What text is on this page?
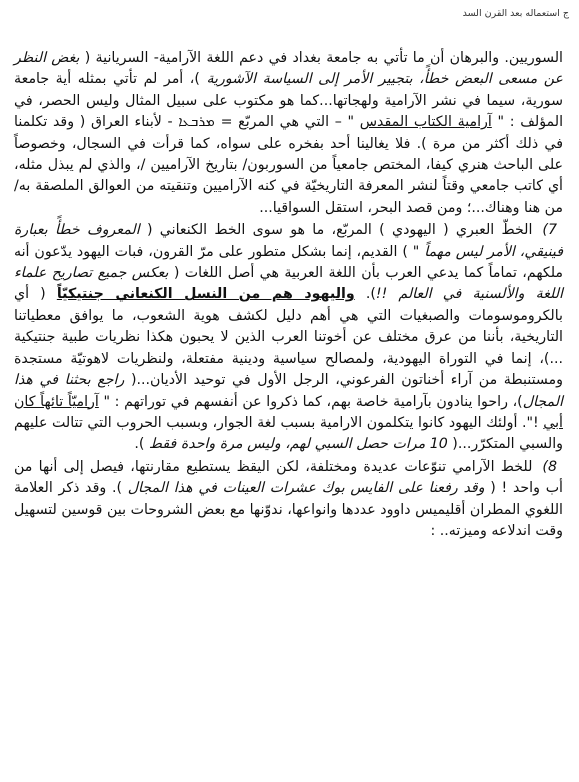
ج استعماله بعد القرن السد

السوريين. والبرهان أن ما تأتي به جامعة بغداد في دعم اللغة الآرامية- السريانية ( بغض النظر عن مسعى البعض خطأً، بتجيير الأمر إلى السياسة الآشورية )، أمر لم تأتي بمثله أية جامعة سورية، سيما في نشر الآرامية ولهجاتها...كما هو مكتوب على سبيل المثال وليس الحصر، في المؤلف : " آرامية الكتاب المقدس " – التي هي المربّع = ܡܪܒܥܐ - لأبناء العراق ( وقد تكلمنا في ذلك أكثر من مرة ). فلا يغالينا أحد بفخره على سواه، كما قرأت في السجال، وخصوصاً على الباحث هنري كيفا، المختص جامعياً من السوربون/ بتاريخ الآراميين /، والذي لم يبذل مثله، أي كاتب جامعي وقتاً لنشر المعرفة التاريخيّة في كنه الآراميين وتنقيته من العوالق الملصقة به/ من هنا وهناك...؛ ومن قصد البحر، استقل السواقيا...

7)الخطّ العبري ( اليهودي ) المربّع، ما هو سوى الخط الكنعاني ( المعروف خطأً بعبارة فينيقي، الأمر ليس مهماً " ) القديم، إنما بشكل متطور على مرّ القرون، فبات اليهود يدّعون أنه ملكهم، تماماً كما يدعي العرب بأن اللغة العربية هي أصل اللغات ( بعكس جميع تصاريح علماء اللغة والألسنية في العالم !!). واليهود هم من النسل الكنعاني جنتيكيّاً ( أي بالكروموسومات والصبغيات التي هي أهم دليل لكشف هوية الشعوب، ما يوافق معطياتنا التاريخية، بأننا من عرق مختلف عن أخوتنا العرب الذين لا يحبون هكذا نظريات طبية جنتيكية ...)، إنما في التوراة اليهودية، ولمصالح سياسية ودينية مفتعلة، ولنظريات لاهوتيّة مستجدة ومستنبطة من آراء أخناتون الفرعوني، الرجل الأول في توحيد الأديان...( راجع بحثنا في هذا المجال)، راحوا ينادون بآرامية خاصة بهم، كما ذكروا عن أنفسهم في توراتهم : " آراميّاً تائهاً كان أبي !". أولئك اليهود كانوا يتكلمون الارامية بسبب لغة الجوار، وبسبب الحروب التي تتالت عليهم والسبي المتكرّر...( 10 مرات حصل السبي لهم، وليس مرة واحدة فقط ).

8)للخط الآرامي تنوّعات عديدة ومختلفة، لكن اليقظ يستطيع مقارنتها، فيصل إلى أنها من أب واحد ! ( وقد رفعنا على الفايس بوك عشرات العينات في هذا المجال ). وقد ذكر العلامة اللغوي المطران أقليميس داوود عددها وانواعها، ندوّنها مع بعض الشروحات بين قوسين لتسهيل وقت اندلاعه وميزته.. :
